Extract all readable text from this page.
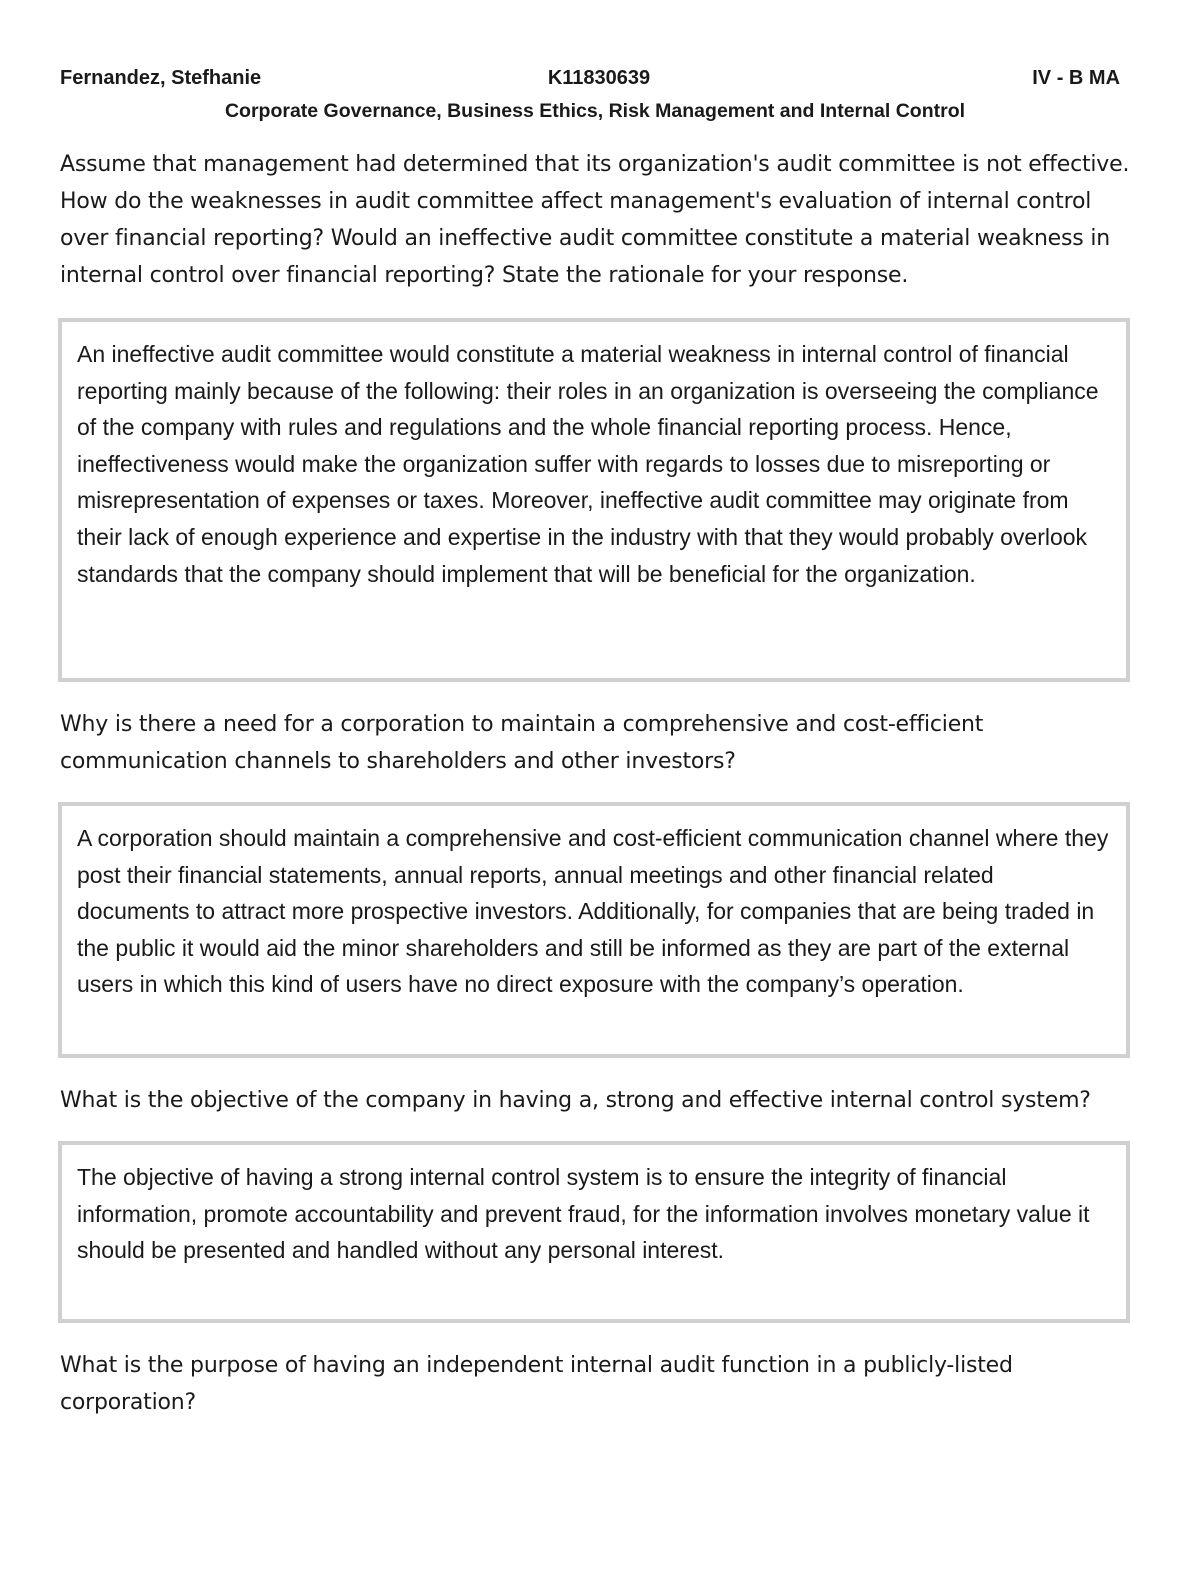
Fernandez, Stefhanie	K11830639	IV - B MA
Corporate Governance, Business Ethics, Risk Management and Internal Control

Assume that management had determined that its organization's audit committee is not effective. How do the weaknesses in audit committee affect management's evaluation of internal control over financial reporting? Would an ineffective audit committee constitute a material weakness in internal control over financial reporting? State the rationale for your response.

An ineffective audit committee would constitute a material weakness in internal control of financial reporting mainly because of the following: their roles in an organization is overseeing the compliance of the company with rules and regulations and the whole financial reporting process. Hence, ineffectiveness would make the organization suffer with regards to losses due to misreporting or misrepresentation of expenses or taxes. Moreover, ineffective audit committee may originate from their lack of enough experience and expertise in the industry with that they would probably overlook standards that the company should implement that will be beneficial for the organization.

Why is there a need for a corporation to maintain a comprehensive and cost-efficient communication channels to shareholders and other investors?

A corporation should maintain a comprehensive and cost-efficient communication channel where they post their financial statements, annual reports, annual meetings and other financial related documents to attract more prospective investors. Additionally, for companies that are being traded in the public it would aid the minor shareholders and still be informed as they are part of the external users in which this kind of users have no direct exposure with the company’s operation.

What is the objective of the company in having a, strong and effective internal control system?

The objective of having a strong internal control system is to ensure the integrity of financial information, promote accountability and prevent fraud, for the information involves monetary value it should be presented and handled without any personal interest.

What is the purpose of having an independent internal audit function in a publicly-listed corporation?
